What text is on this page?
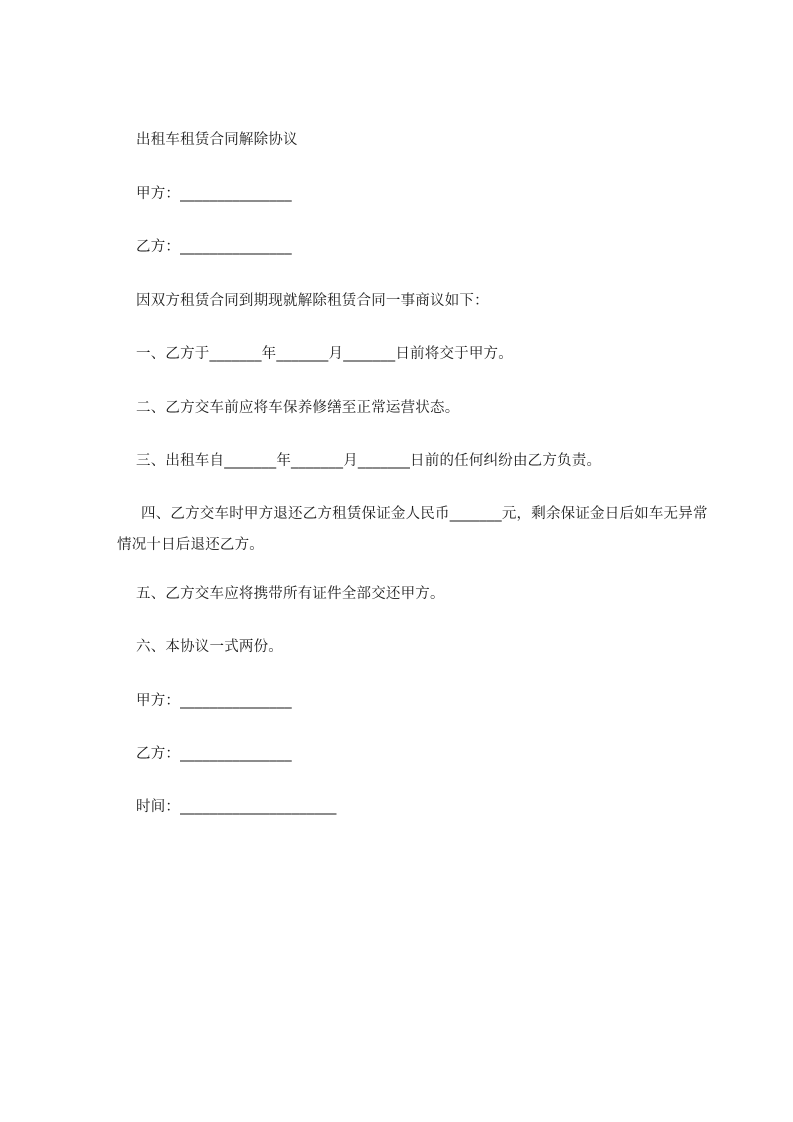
出租车租赁合同解除协议
甲方：_______________
乙方：_______________
因双方租赁合同到期现就解除租赁合同一事商议如下：
一、乙方于_______年_______月_______日前将交于甲方。
二、乙方交车前应将车保养修缮至正常运营状态。
三、出租车自_______年_______月_______日前的任何纠纷由乙方负责。
四、乙方交车时甲方退还乙方租赁保证金人民币_______元，剩余保证金日后如车无异常情况十日后退还乙方。
五、乙方交车应将携带所有证件全部交还甲方。
六、本协议一式两份。
甲方：_______________
乙方：_______________
时间：_____________________
